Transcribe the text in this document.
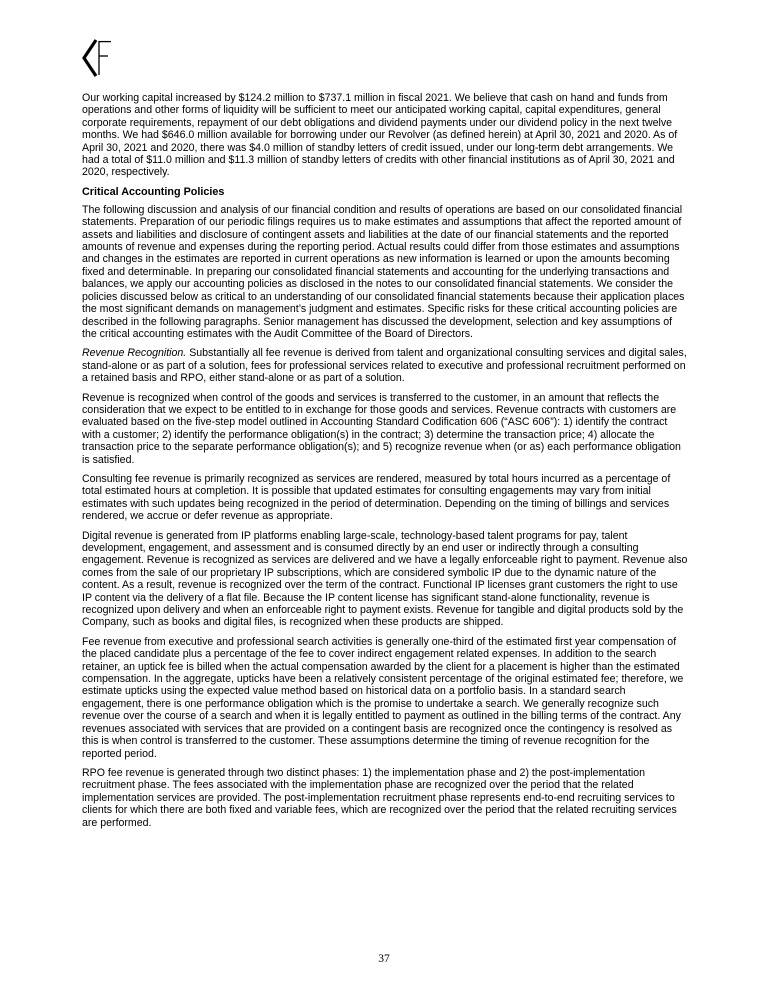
Our working capital increased by $124.2 million to $737.1 million in fiscal 2021. We believe that cash on hand and funds from operations and other forms of liquidity will be sufficient to meet our anticipated working capital, capital expenditures, general corporate requirements, repayment of our debt obligations and dividend payments under our dividend policy in the next twelve months. We had $646.0 million available for borrowing under our Revolver (as defined herein) at April 30, 2021 and 2020. As of April 30, 2021 and 2020, there was $4.0 million of standby letters of credit issued, under our long-term debt arrangements. We had a total of $11.0 million and $11.3 million of standby letters of credits with other financial institutions as of April 30, 2021 and 2020, respectively.

Critical Accounting Policies

The following discussion and analysis of our financial condition and results of operations are based on our consolidated financial statements. Preparation of our periodic filings requires us to make estimates and assumptions that affect the reported amount of assets and liabilities and disclosure of contingent assets and liabilities at the date of our financial statements and the reported amounts of revenue and expenses during the reporting period. Actual results could differ from those estimates and assumptions and changes in the estimates are reported in current operations as new information is learned or upon the amounts becoming fixed and determinable. In preparing our consolidated financial statements and accounting for the underlying transactions and balances, we apply our accounting policies as disclosed in the notes to our consolidated financial statements. We consider the policies discussed below as critical to an understanding of our consolidated financial statements because their application places the most significant demands on management’s judgment and estimates. Specific risks for these critical accounting policies are described in the following paragraphs. Senior management has discussed the development, selection and key assumptions of the critical accounting estimates with the Audit Committee of the Board of Directors.

Revenue Recognition. Substantially all fee revenue is derived from talent and organizational consulting services and digital sales, stand-alone or as part of a solution, fees for professional services related to executive and professional recruitment performed on a retained basis and RPO, either stand-alone or as part of a solution.

Revenue is recognized when control of the goods and services is transferred to the customer, in an amount that reflects the consideration that we expect to be entitled to in exchange for those goods and services. Revenue contracts with customers are evaluated based on the five-step model outlined in Accounting Standard Codification 606 (“ASC 606”): 1) identify the contract with a customer; 2) identify the performance obligation(s) in the contract; 3) determine the transaction price; 4) allocate the transaction price to the separate performance obligation(s); and 5) recognize revenue when (or as) each performance obligation is satisfied.

Consulting fee revenue is primarily recognized as services are rendered, measured by total hours incurred as a percentage of total estimated hours at completion. It is possible that updated estimates for consulting engagements may vary from initial estimates with such updates being recognized in the period of determination. Depending on the timing of billings and services rendered, we accrue or defer revenue as appropriate.

Digital revenue is generated from IP platforms enabling large-scale, technology-based talent programs for pay, talent development, engagement, and assessment and is consumed directly by an end user or indirectly through a consulting engagement. Revenue is recognized as services are delivered and we have a legally enforceable right to payment. Revenue also comes from the sale of our proprietary IP subscriptions, which are considered symbolic IP due to the dynamic nature of the content. As a result, revenue is recognized over the term of the contract. Functional IP licenses grant customers the right to use IP content via the delivery of a flat file. Because the IP content license has significant stand-alone functionality, revenue is recognized upon delivery and when an enforceable right to payment exists. Revenue for tangible and digital products sold by the Company, such as books and digital files, is recognized when these products are shipped.

Fee revenue from executive and professional search activities is generally one-third of the estimated first year compensation of the placed candidate plus a percentage of the fee to cover indirect engagement related expenses. In addition to the search retainer, an uptick fee is billed when the actual compensation awarded by the client for a placement is higher than the estimated compensation. In the aggregate, upticks have been a relatively consistent percentage of the original estimated fee; therefore, we estimate upticks using the expected value method based on historical data on a portfolio basis. In a standard search engagement, there is one performance obligation which is the promise to undertake a search. We generally recognize such revenue over the course of a search and when it is legally entitled to payment as outlined in the billing terms of the contract. Any revenues associated with services that are provided on a contingent basis are recognized once the contingency is resolved as this is when control is transferred to the customer. These assumptions determine the timing of revenue recognition for the reported period.

RPO fee revenue is generated through two distinct phases: 1) the implementation phase and 2) the post-implementation recruitment phase. The fees associated with the implementation phase are recognized over the period that the related implementation services are provided. The post-implementation recruitment phase represents end-to-end recruiting services to clients for which there are both fixed and variable fees, which are recognized over the period that the related recruiting services are performed.

37
